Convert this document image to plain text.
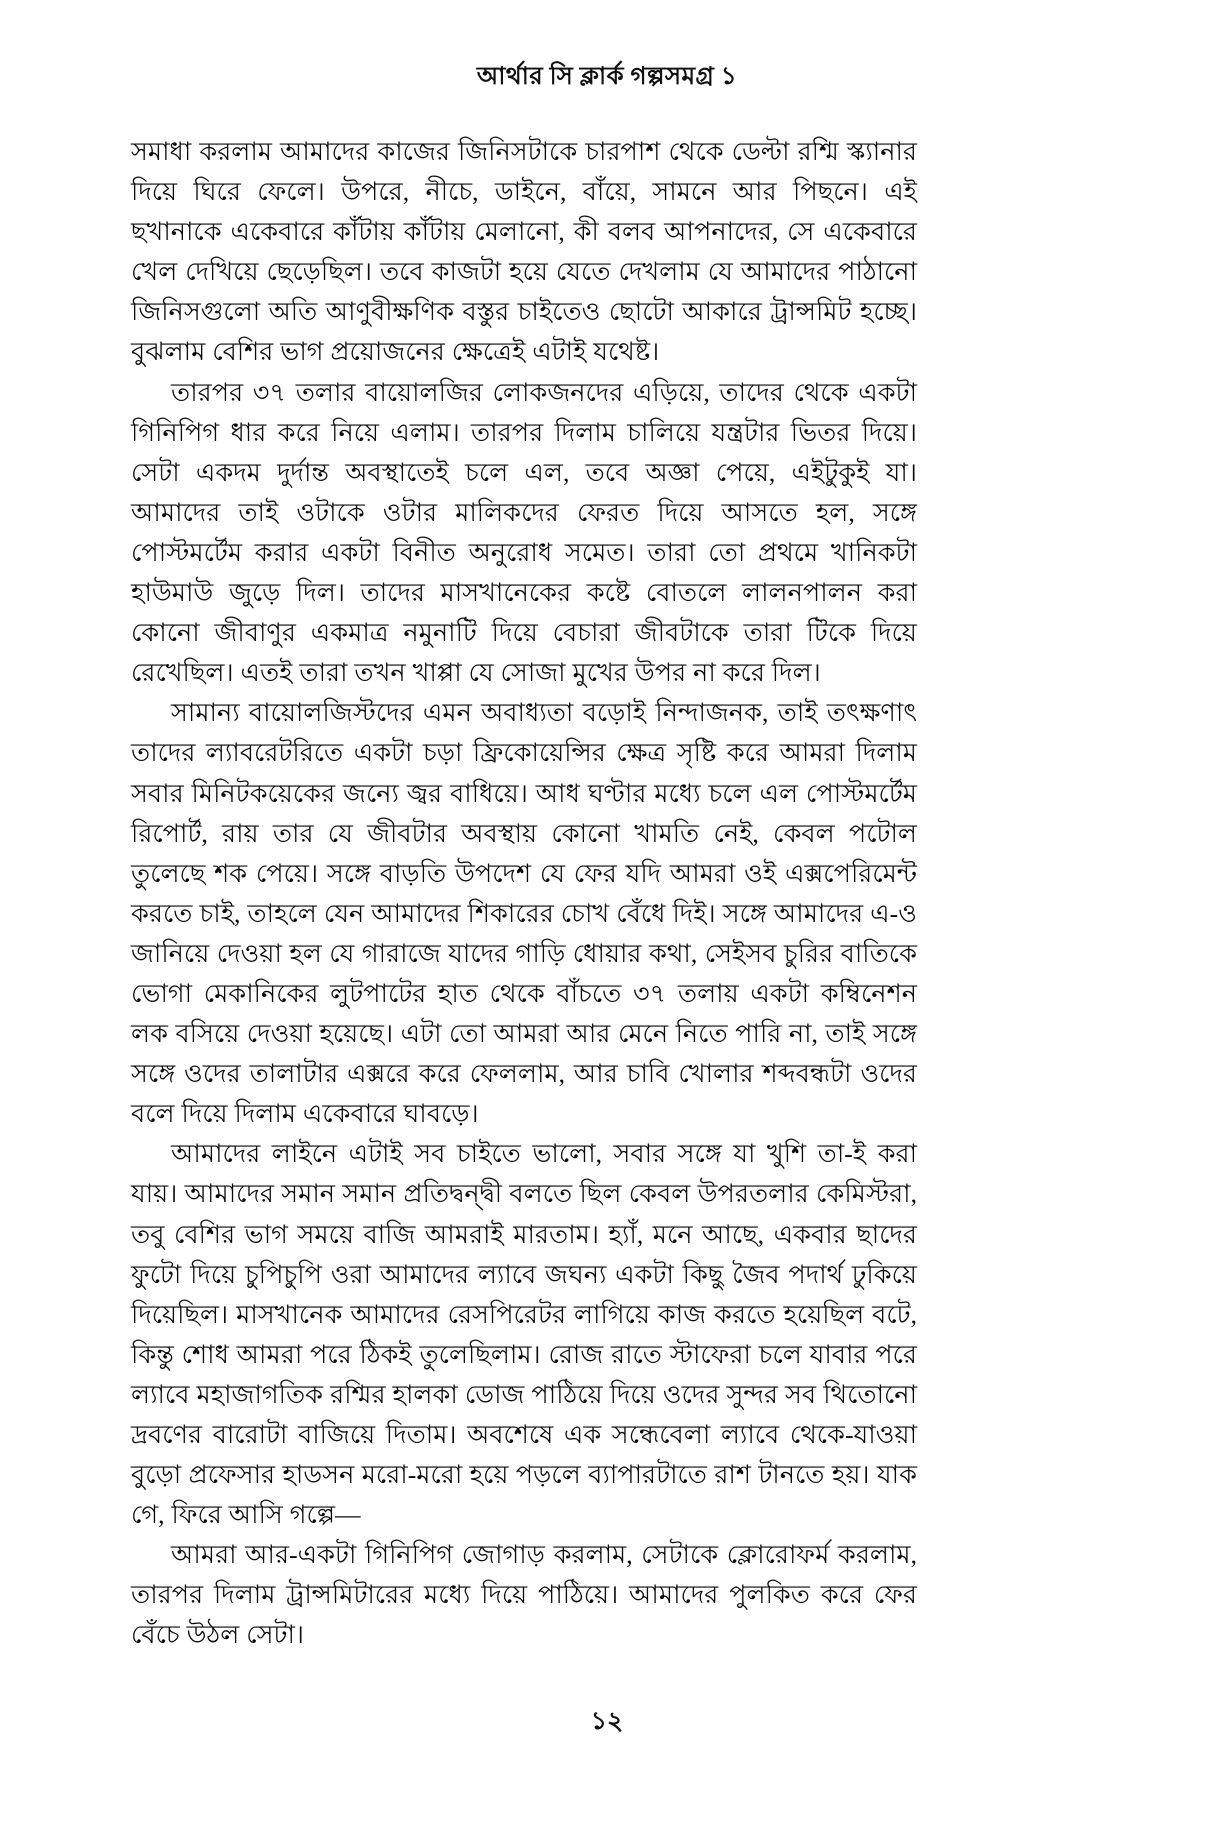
আর্থার সি ক্লার্ক গল্পসমগ্র ১

সমাধা করলাম আমাদের কাজের জিনিসটাকে চারপাশ থেকে ডেল্টা রশ্মি স্ক্যানার দিয়ে ঘিরে ফেলে। উপরে, নীচে, ডাইনে, বাঁয়ে, সামনে আর পিছনে। এই ছখানাকে একেবারে কাঁটায় কাঁটায় মেলানো, কী বলব আপনাদের, সে একেবারে খেল দেখিয়ে ছেড়েছিল। তবে কাজটা হয়ে যেতে দেখলাম যে আমাদের পাঠানো জিনিসগুলো অতি আণুবীক্ষণিক বস্তুর চাইতেও ছোটো আকারে ট্রান্সমিট হচ্ছে। বুঝলাম বেশির ভাগ প্রয়োজনের ক্ষেত্রেই এটাই যথেষ্ট।

তারপর ৩৭ তলার বায়োলজির লোকজনদের এড়িয়ে, তাদের থেকে একটা গিনিপিগ ধার করে নিয়ে এলাম। তারপর দিলাম চালিয়ে যন্ত্রটার ভিতর দিয়ে। সেটা একদম দুর্দান্ত অবস্থাতেই চলে এল, তবে অজ্ঞা পেয়ে, এইটুকুই যা। আমাদের তাই ওটাকে ওটার মালিকদের ফেরত দিয়ে আসতে হল, সঙ্গে পোস্টমর্টেম করার একটা বিনীত অনুরোধ সমেত। তারা তো প্রথমে খানিকটা হাউমাউ জুড়ে দিল। তাদের মাসখানেকের কষ্টে বোতলে লালনপালন করা কোনো জীবাণুর একমাত্র নমুনাটি দিয়ে বেচারা জীবটাকে তারা টিকে দিয়ে রেখেছিল। এতই তারা তখন খাপ্পা যে সোজা মুখের উপর না করে দিল।

সামান্য বায়োলজিস্টদের এমন অবাধ্যতা বড়োই নিন্দাজনক, তাই তৎক্ষণাৎ তাদের ল্যাবরেটরিতে একটা চড়া ফ্রিকোয়েন্সির ক্ষেত্র সৃষ্টি করে আমরা দিলাম সবার মিনিটকয়েকের জন্যে জ্বর বাধিয়ে। আধ ঘণ্টার মধ্যে চলে এল পোস্টমর্টেম রিপোর্ট, রায় তার যে জীবটার অবস্থায় কোনো খামতি নেই, কেবল পটোল তুলেছে শক পেয়ে। সঙ্গে বাড়তি উপদেশ যে ফের যদি আমরা ওই এক্সপেরিমেন্ট করতে চাই, তাহলে যেন আমাদের শিকারের চোখ বেঁধে দিই। সঙ্গে আমাদের এ-ও জানিয়ে দেওয়া হল যে গারাজে যাদের গাড়ি ধোয়ার কথা, সেইসব চুরির বাতিকে ভোগা মেকানিকের লুটপাটের হাত থেকে বাঁচতে ৩৭ তলায় একটা কম্বিনেশন লক বসিয়ে দেওয়া হয়েছে। এটা তো আমরা আর মেনে নিতে পারি না, তাই সঙ্গে সঙ্গে ওদের তালাটার এক্সরে করে ফেললাম, আর চাবি খোলার শব্দবন্ধটা ওদের বলে দিয়ে দিলাম একেবারে ঘাবড়ে।

আমাদের লাইনে এটাই সব চাইতে ভালো, সবার সঙ্গে যা খুশি তা-ই করা যায়। আমাদের সমান সমান প্রতিদ্বন্দ্বী বলতে ছিল কেবল উপরতলার কেমিস্টরা, তবু বেশির ভাগ সময়ে বাজি আমরাই মারতাম। হ্যাঁ, মনে আছে, একবার ছাদের ফুটো দিয়ে চুপিচুপি ওরা আমাদের ল্যাবে জঘন্য একটা কিছু জৈব পদার্থ ঢুকিয়ে দিয়েছিল। মাসখানেক আমাদের রেসপিরেটর লাগিয়ে কাজ করতে হয়েছিল বটে, কিন্তু শোধ আমরা পরে ঠিকই তুলেছিলাম। রোজ রাতে স্টাফেরা চলে যাবার পরে ল্যাবে মহাজাগতিক রশ্মির হালকা ডোজ পাঠিয়ে দিয়ে ওদের সুন্দর সব থিতোনো দ্রবণের বারোটা বাজিয়ে দিতাম। অবশেষে এক সন্ধেবেলা ল্যাবে থেকে-যাওয়া বুড়ো প্রফেসার হাডসন মরো-মরো হয়ে পড়লে ব্যাপারটাতে রাশ টানতে হয়। যাক গে, ফিরে আসি গল্পে—

আমরা আর-একটা গিনিপিগ জোগাড় করলাম, সেটাকে ক্লোরোফর্ম করলাম, তারপর দিলাম ট্রান্সমিটারের মধ্যে দিয়ে পাঠিয়ে। আমাদের পুলকিত করে ফের বেঁচে উঠল সেটা।

১২
